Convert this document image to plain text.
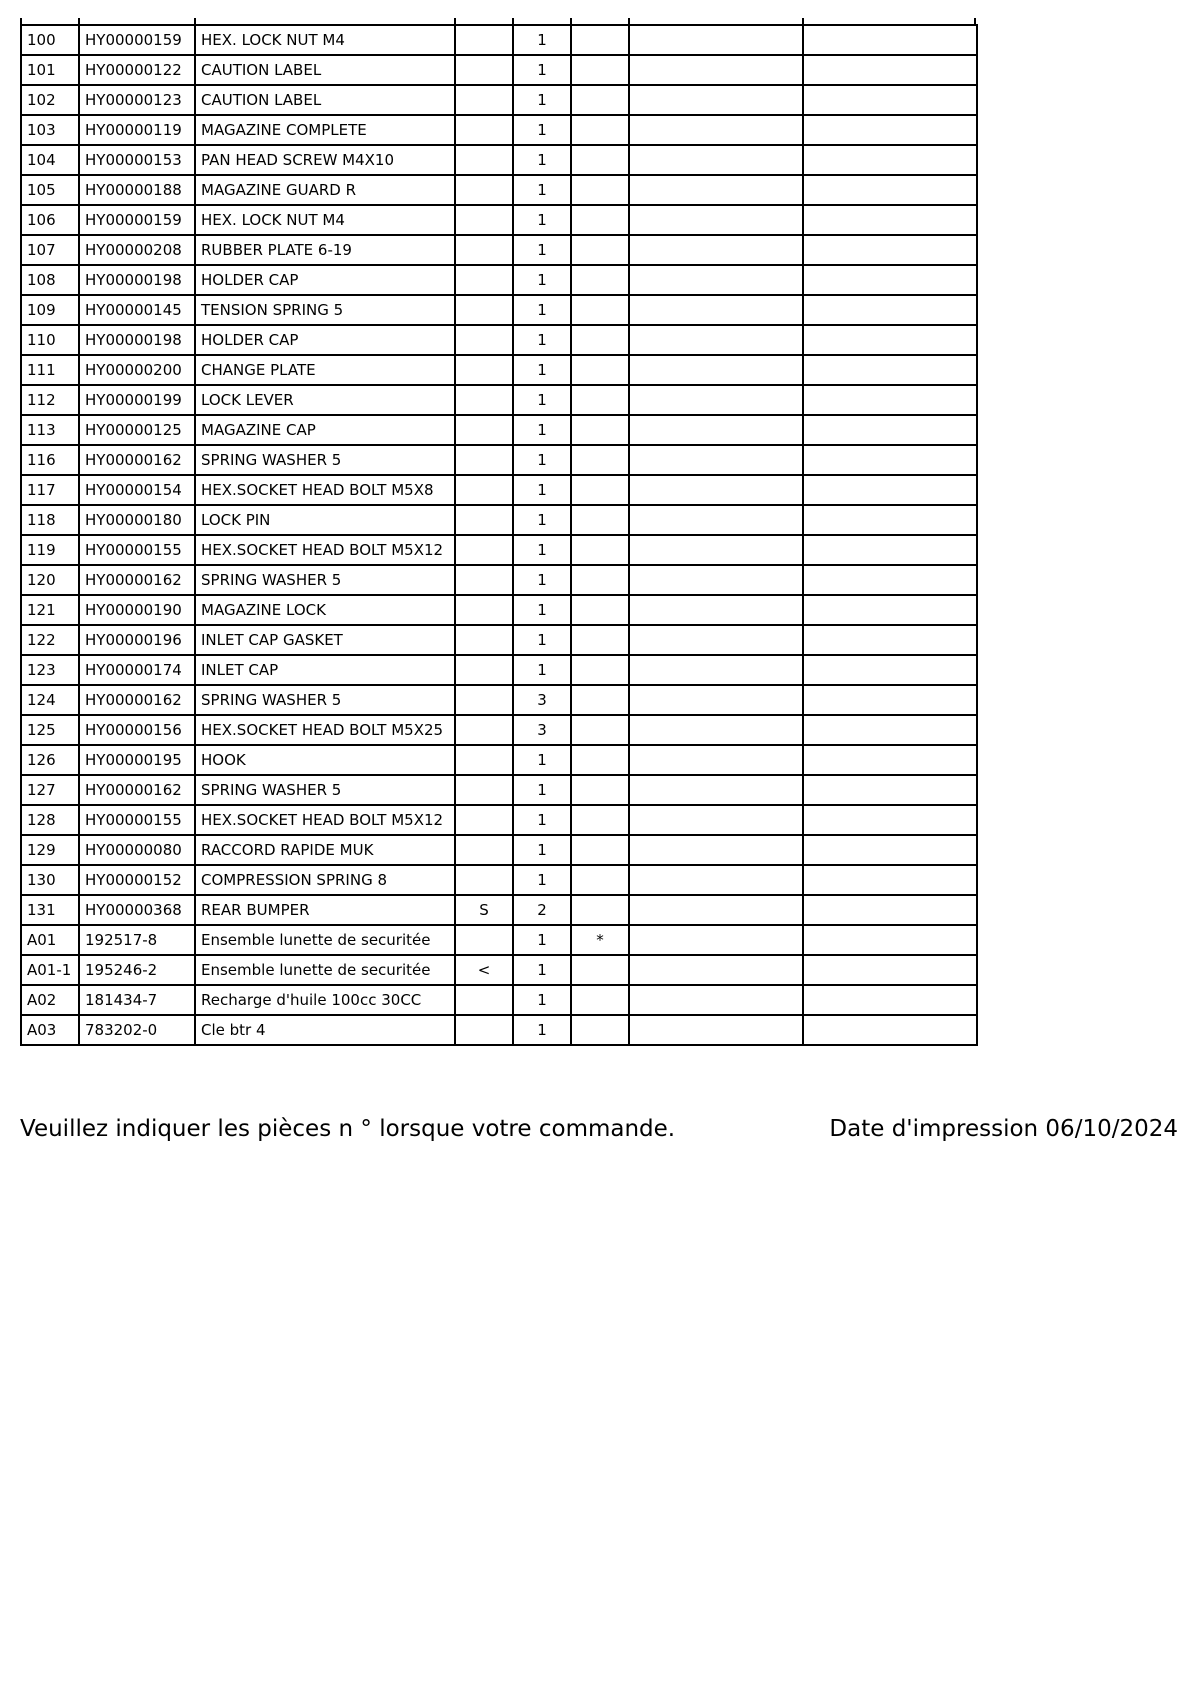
100	HY00000159	HEX. LOCK NUT M4		1			
101	HY00000122	CAUTION LABEL		1			
102	HY00000123	CAUTION LABEL		1			
103	HY00000119	MAGAZINE COMPLETE		1			
104	HY00000153	PAN HEAD SCREW M4X10		1			
105	HY00000188	MAGAZINE GUARD R		1			
106	HY00000159	HEX. LOCK NUT M4		1			
107	HY00000208	RUBBER PLATE 6-19		1			
108	HY00000198	HOLDER CAP		1			
109	HY00000145	TENSION SPRING 5		1			
110	HY00000198	HOLDER CAP		1			
111	HY00000200	CHANGE PLATE		1			
112	HY00000199	LOCK LEVER		1			
113	HY00000125	MAGAZINE CAP		1			
116	HY00000162	SPRING WASHER 5		1			
117	HY00000154	HEX.SOCKET HEAD BOLT M5X8		1			
118	HY00000180	LOCK PIN		1			
119	HY00000155	HEX.SOCKET HEAD BOLT M5X12		1			
120	HY00000162	SPRING WASHER 5		1			
121	HY00000190	MAGAZINE LOCK		1			
122	HY00000196	INLET CAP GASKET		1			
123	HY00000174	INLET CAP		1			
124	HY00000162	SPRING WASHER 5		3			
125	HY00000156	HEX.SOCKET HEAD BOLT M5X25		3			
126	HY00000195	HOOK		1			
127	HY00000162	SPRING WASHER 5		1			
128	HY00000155	HEX.SOCKET HEAD BOLT M5X12		1			
129	HY00000080	RACCORD RAPIDE MUK		1			
130	HY00000152	COMPRESSION SPRING 8		1			
131	HY00000368	REAR BUMPER	S	2			
A01	192517-8	Ensemble lunette de securitée		1	*		
A01-1	195246-2	Ensemble lunette de securitée	<	1			
A02	181434-7	Recharge d'huile 100cc 30CC		1			
A03	783202-0	Cle btr 4		1			
Veuillez indiquer les pièces n ° lorsque votre commande.	Date d'impression 06/10/2024
